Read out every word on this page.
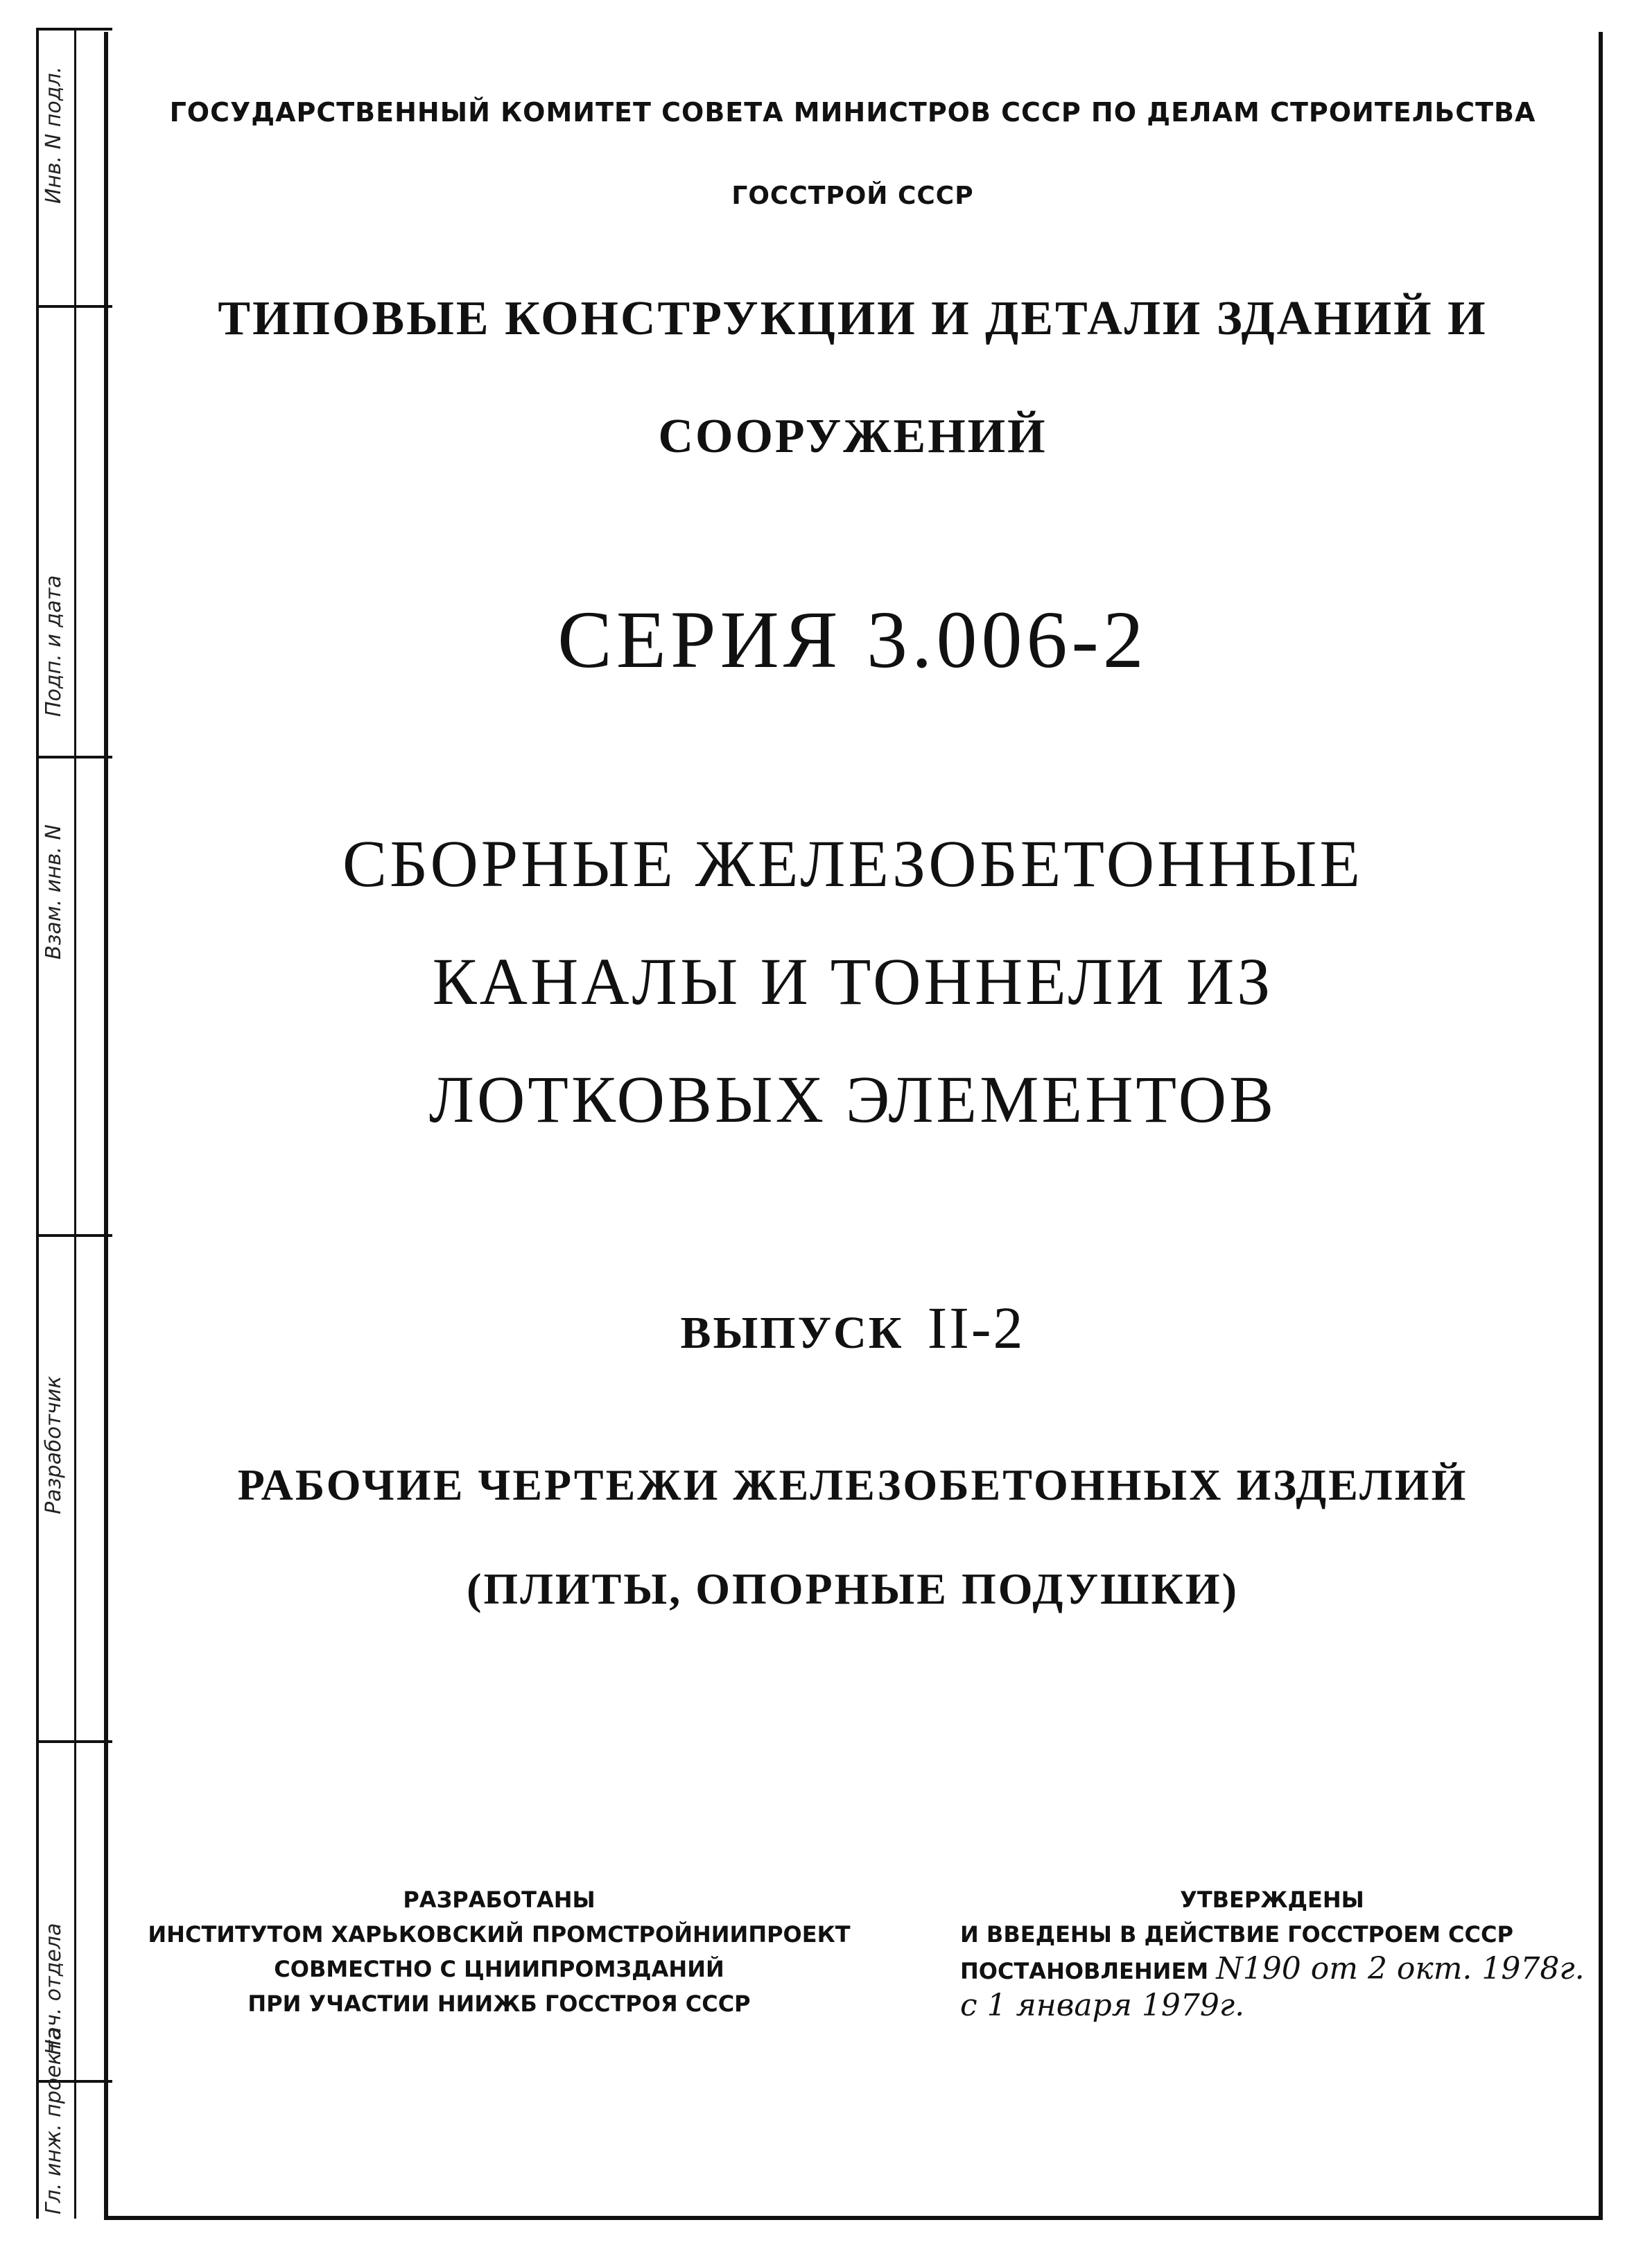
Инв. N подл.
Подп. и дата
Взам. инв. N
Разработчик
Нач. отдела
Гл. инж. проекта
ГОСУДАРСТВЕННЫЙ КОМИТЕТ СОВЕТА МИНИСТРОВ СССР ПО ДЕЛАМ СТРОИТЕЛЬСТВА
ГОССТРОЙ СССР
ТИПОВЫЕ КОНСТРУКЦИИ И ДЕТАЛИ ЗДАНИЙ И
СООРУЖЕНИЙ
СЕРИЯ 3.006-2
СБОРНЫЕ ЖЕЛЕЗОБЕТОННЫЕ
КАНАЛЫ И ТОННЕЛИ ИЗ
ЛОТКОВЫХ ЭЛЕМЕНТОВ
ВЫПУСК II-2
РАБОЧИЕ ЧЕРТЕЖИ ЖЕЛЕЗОБЕТОННЫХ ИЗДЕЛИЙ
(ПЛИТЫ, ОПОРНЫЕ ПОДУШКИ)
РАЗРАБОТАНЫ
ИНСТИТУТОМ ХАРЬКОВСКИЙ ПРОМСТРОЙНИИПРОЕКТ
СОВМЕСТНО С ЦНИИПРОМЗДАНИЙ
ПРИ УЧАСТИИ НИИЖБ ГОССТРОЯ СССР
УТВЕРЖДЕНЫ
И ВВЕДЕНЫ В ДЕЙСТВИЕ ГОССТРОЕМ СССР
ПОСТАНОВЛЕНИЕМ N190 от 2 окт. 1978г.
с 1 января 1979г.
